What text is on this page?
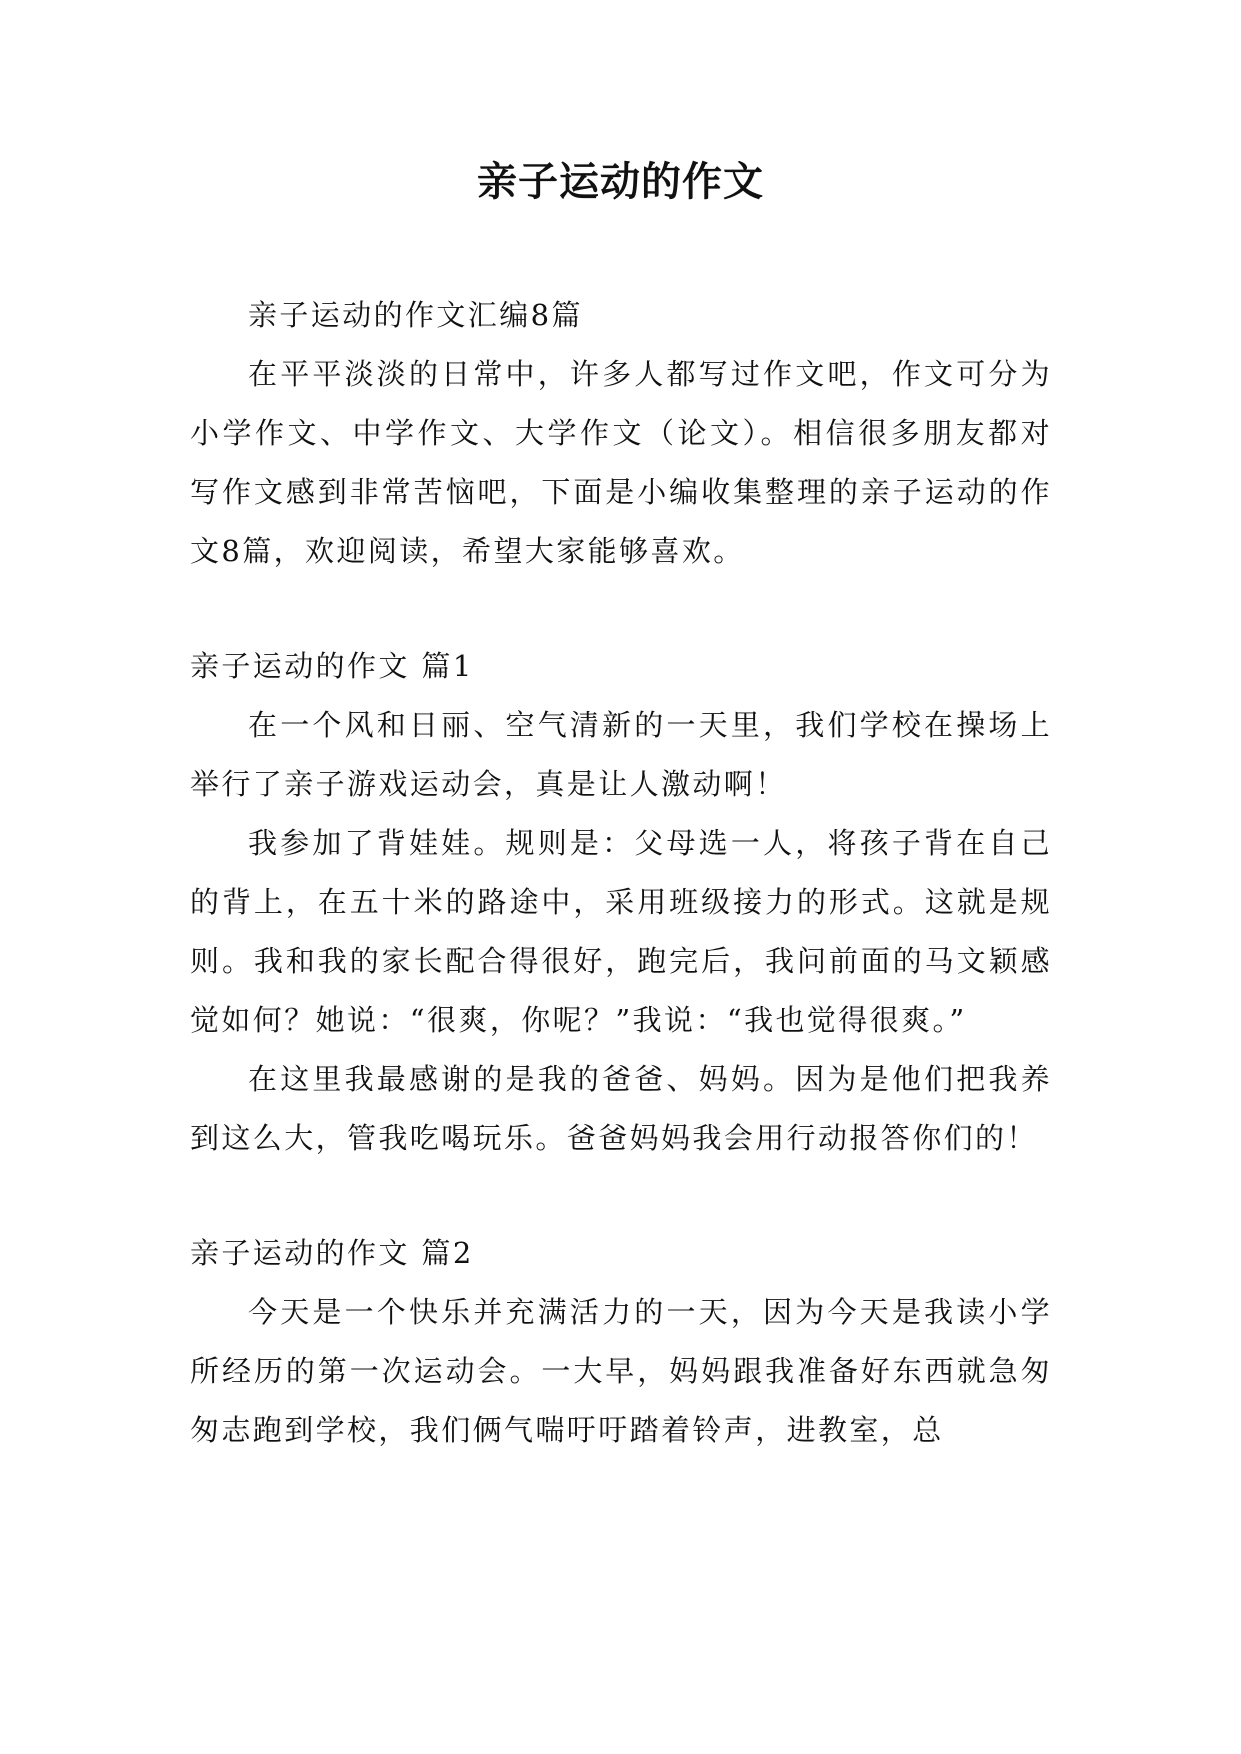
亲子运动的作文

亲子运动的作文汇编8篇

在平平淡淡的日常中，许多人都写过作文吧，作文可分为小学作文、中学作文、大学作文（论文）。相信很多朋友都对写作文感到非常苦恼吧，下面是小编收集整理的亲子运动的作文8篇，欢迎阅读，希望大家能够喜欢。

亲子运动的作文 篇1

在一个风和日丽、空气清新的一天里，我们学校在操场上举行了亲子游戏运动会，真是让人激动啊！

我参加了背娃娃。规则是：父母选一人，将孩子背在自己的背上，在五十米的路途中，采用班级接力的形式。这就是规则。我和我的家长配合得很好，跑完后，我问前面的马文颖感觉如何？她说：“很爽，你呢？”我说：“我也觉得很爽。”

在这里我最感谢的是我的爸爸、妈妈。因为是他们把我养到这么大，管我吃喝玩乐。爸爸妈妈我会用行动报答你们的！

亲子运动的作文 篇2

今天是一个快乐并充满活力的一天，因为今天是我读小学所经历的第一次运动会。一大早，妈妈跟我准备好东西就急匆匆志跑到学校，我们俩气喘吁吁踏着铃声，进教室，总
